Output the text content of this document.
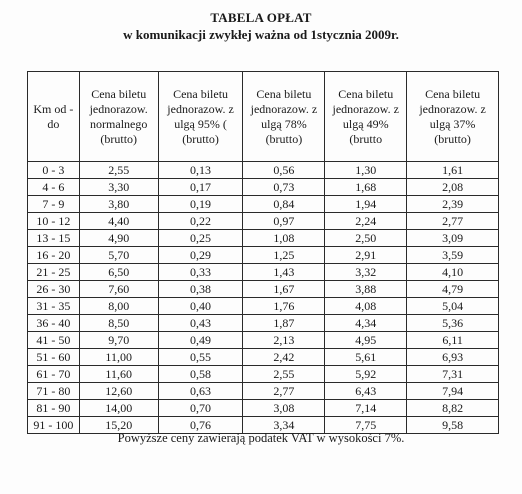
TABELA OPŁAT
w komunikacji zwykłej ważna od 1stycznia 2009r.
Km od - do	Cena biletu jednorazow. normalnego (brutto)	Cena biletu jednorazow. z ulgą 95% ( (brutto)	Cena biletu jednorazow. z ulgą 78% (brutto)	Cena biletu jednorazow. z ulgą 49% (brutto	Cena biletu jednorazow. z ulgą 37% (brutto)
0 - 3	2,55	0,13	0,56	1,30	1,61
4 - 6	3,30	0,17	0,73	1,68	2,08
7 - 9	3,80	0,19	0,84	1,94	2,39
10 - 12	4,40	0,22	0,97	2,24	2,77
13 - 15	4,90	0,25	1,08	2,50	3,09
16 - 20	5,70	0,29	1,25	2,91	3,59
21 - 25	6,50	0,33	1,43	3,32	4,10
26 - 30	7,60	0,38	1,67	3,88	4,79
31 - 35	8,00	0,40	1,76	4,08	5,04
36 - 40	8,50	0,43	1,87	4,34	5,36
41 - 50	9,70	0,49	2,13	4,95	6,11
51 - 60	11,00	0,55	2,42	5,61	6,93
61 - 70	11,60	0,58	2,55	5,92	7,31
71 - 80	12,60	0,63	2,77	6,43	7,94
81 - 90	14,00	0,70	3,08	7,14	8,82
91 - 100	15,20	0,76	3,34	7,75	9,58
Powyższe ceny zawierają podatek VAT w wysokości 7%.
